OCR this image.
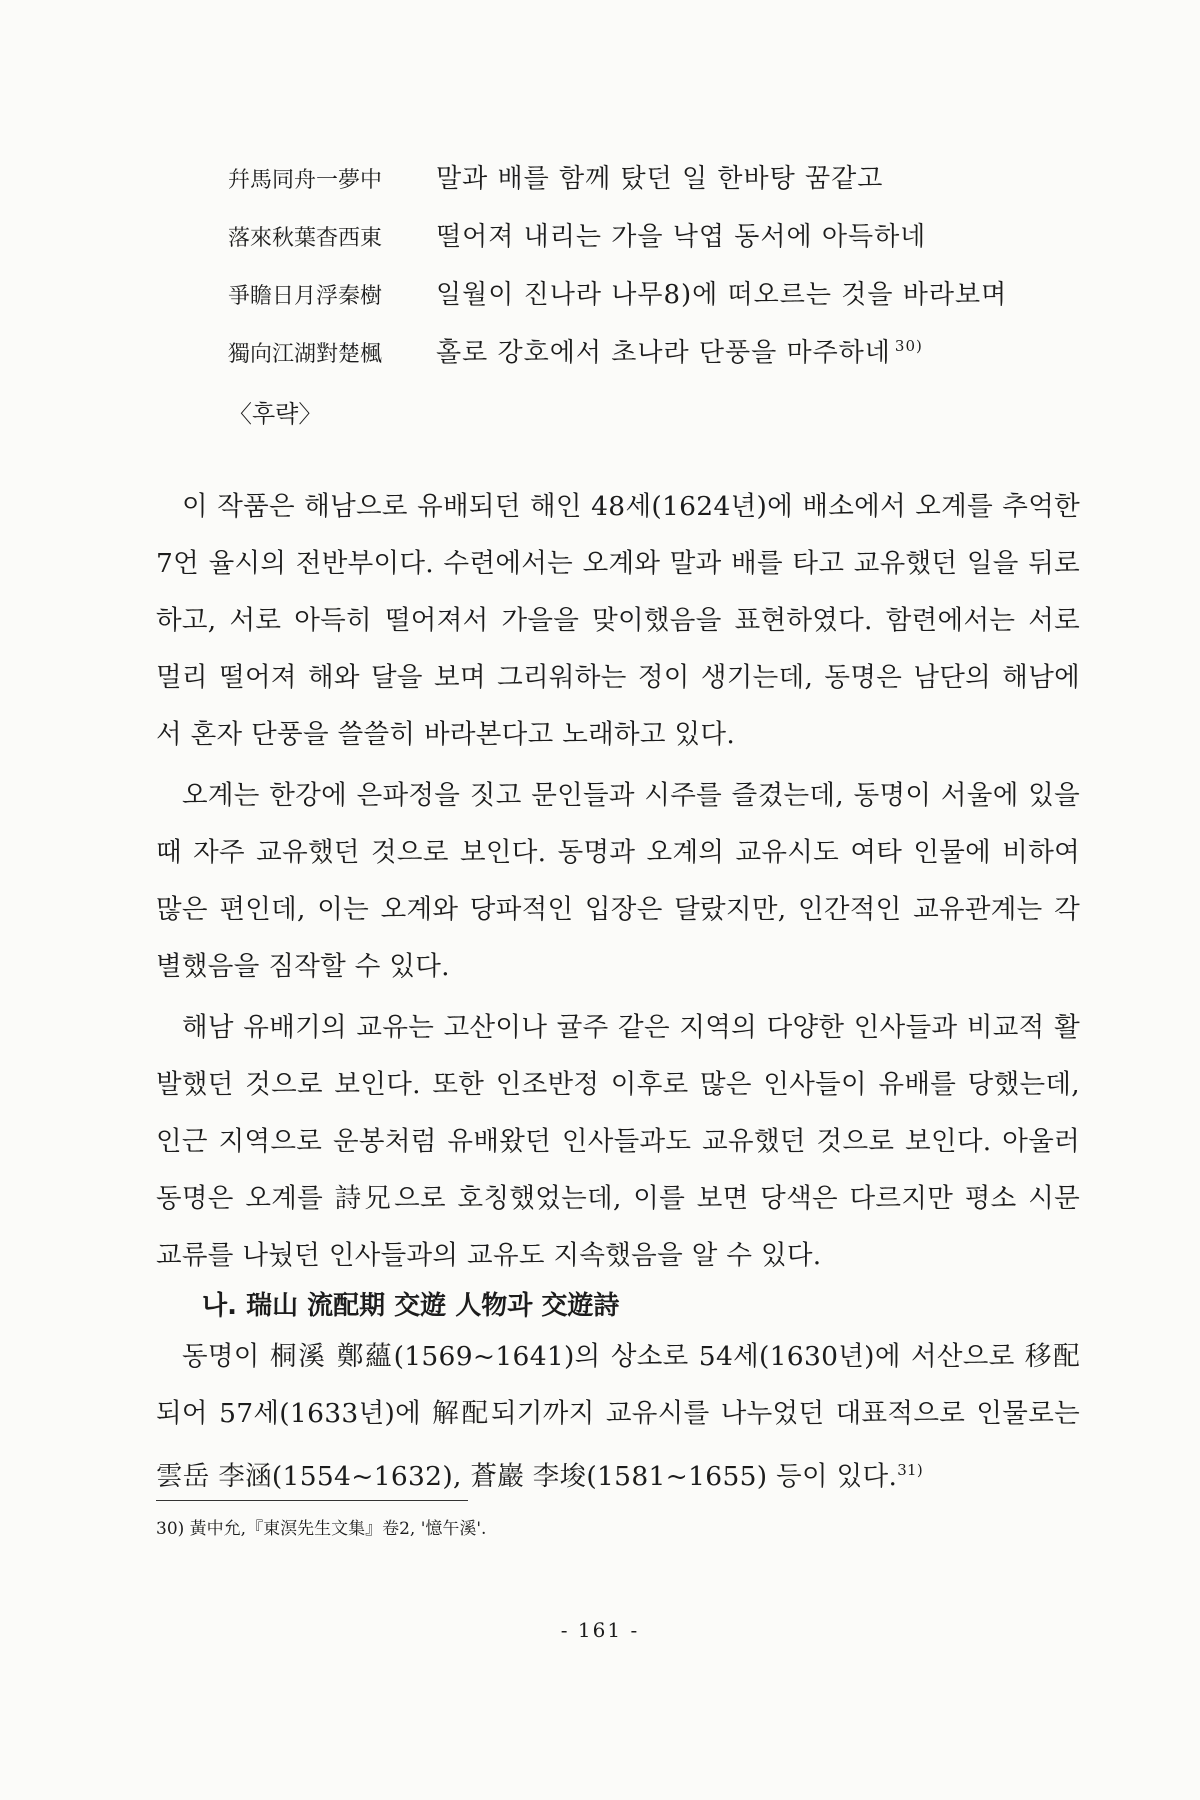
幷馬同舟一夢中	말과 배를 함께 탔던 일 한바탕 꿈같고
落來秋葉杳西東	떨어져 내리는 가을 낙엽 동서에 아득하네
爭瞻日月浮秦樹	일월이 진나라 나무8)에 떠오르는 것을 바라보며
獨向江湖對楚楓	홀로 강호에서 초나라 단풍을 마주하네 $^{30)}$
〈후략〉

이 작품은 해남으로 유배되던 해인 48세(1624년)에 배소에서 오계를 추억한 7언 율시의 전반부이다. 수련에서는 오계와 말과 배를 타고 교유했던 일을 뒤로 하고, 서로 아득히 떨어져서 가을을 맞이했음을 표현하였다. 함련에서는 서로 멀리 떨어져 해와 달을 보며 그리워하는 정이 생기는데, 동명은 남단의 해남에서 혼자 단풍을 쓸쓸히 바라본다고 노래하고 있다.

오계는 한강에 은파정을 짓고 문인들과 시주를 즐겼는데, 동명이 서울에 있을 때 자주 교유했던 것으로 보인다. 동명과 오계의 교유시도 여타 인물에 비하여 많은 편인데, 이는 오계와 당파적인 입장은 달랐지만, 인간적인 교유관계는 각별했음을 짐작할 수 있다.

해남 유배기의 교유는 고산이나 귤주 같은 지역의 다양한 인사들과 비교적 활발했던 것으로 보인다. 또한 인조반정 이후로 많은 인사들이 유배를 당했는데, 인근 지역으로 운봉처럼 유배왔던 인사들과도 교유했던 것으로 보인다. 아울러 동명은 오계를 詩兄으로 호칭했었는데, 이를 보면 당색은 다르지만 평소 시문 교류를 나눴던 인사들과의 교유도 지속했음을 알 수 있다.

나. 瑞山 流配期 交遊 人物과 交遊詩

동명이 桐溪 鄭蘊(1569~1641)의 상소로 54세(1630년)에 서산으로 移配되어 57세(1633년)에 解配되기까지 교유시를 나누었던 대표적으로 인물로는 雲岳 李涵(1554~1632), 蒼巖 李埈(1581~1655) 등이 있다.$^{31)}$

30) 黃中允,『東溟先生文集』卷2, '憶午溪'.
- 161 -
